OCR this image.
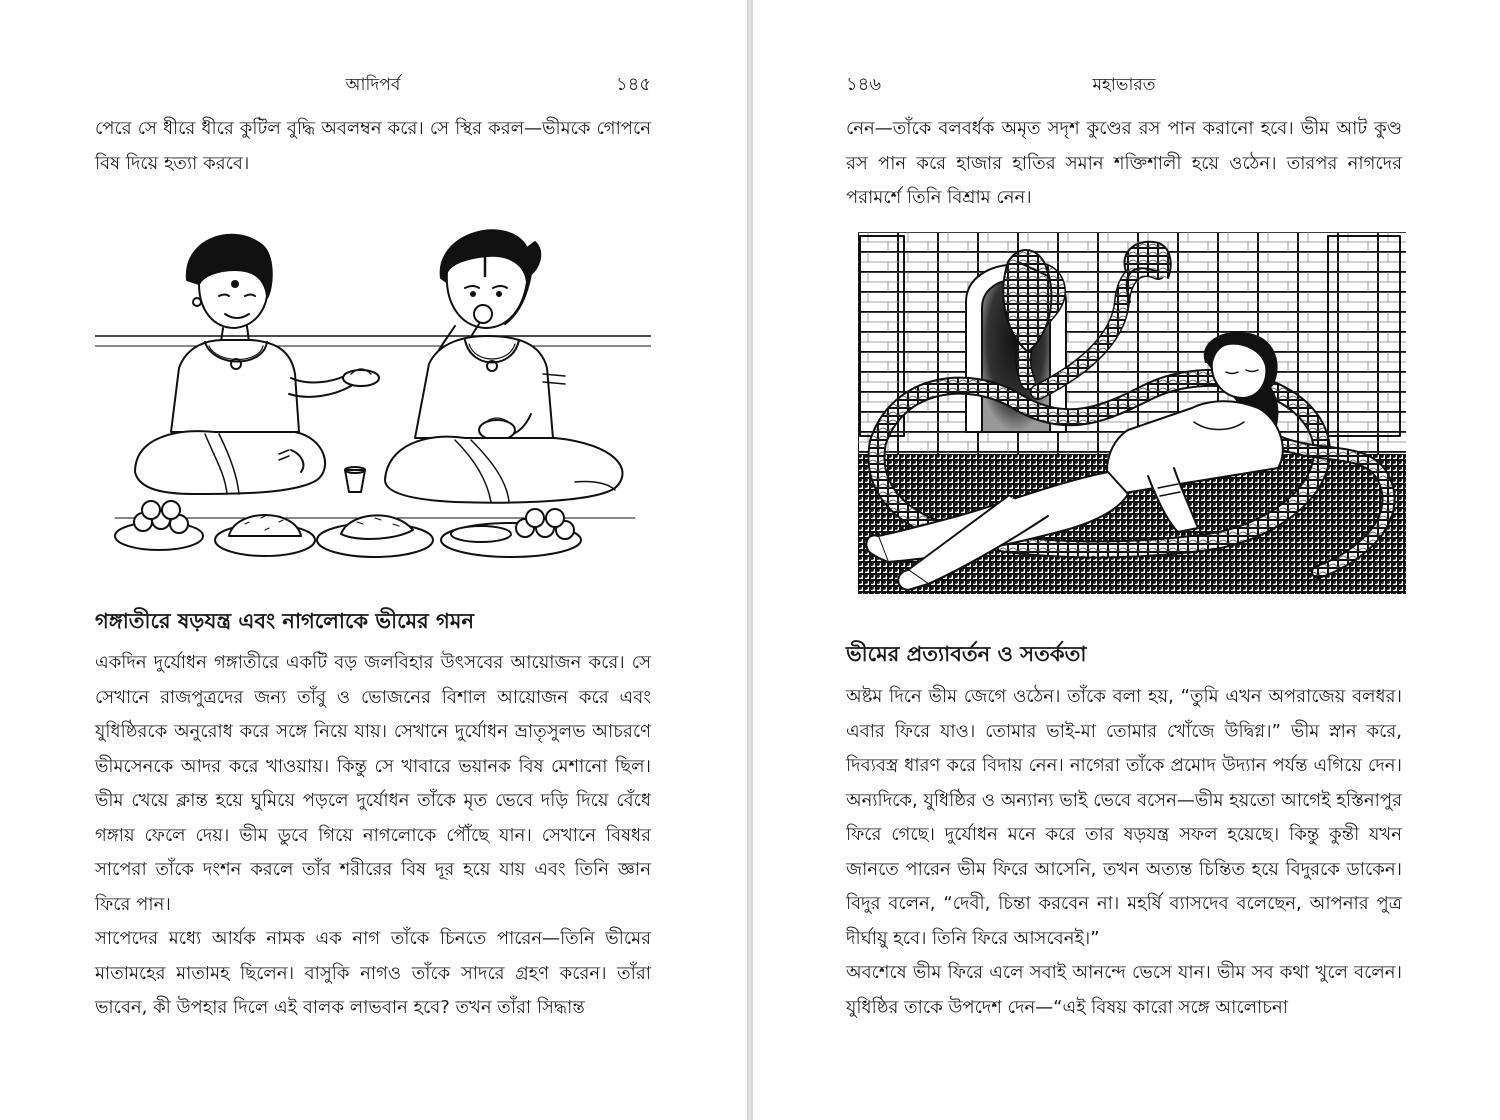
আদিপর্ব	১৪৫

পেরে সে ধীরে ধীরে কুটিল বুদ্ধি অবলম্বন করে। সে স্থির করল—ভীমকে গোপনে বিষ দিয়ে হত্যা করবে।

গঙ্গাতীরে ষড়যন্ত্র এবং নাগলোকে ভীমের গমন

একদিন দুর্যোধন গঙ্গাতীরে একটি বড় জলবিহার উৎসবের আয়োজন করে। সে সেখানে রাজপুত্রদের জন্য তাঁবু ও ভোজনের বিশাল আয়োজন করে এবং যুধিষ্ঠিরকে অনুরোধ করে সঙ্গে নিয়ে যায়। সেখানে দুর্যোধন ভ্রাতৃসুলভ আচরণে ভীমসেনকে আদর করে খাওয়ায়। কিন্তু সে খাবারে ভয়ানক বিষ মেশানো ছিল। ভীম খেয়ে ক্লান্ত হয়ে ঘুমিয়ে পড়লে দুর্যোধন তাঁকে মৃত ভেবে দড়ি দিয়ে বেঁধে গঙ্গায় ফেলে দেয়। ভীম ডুবে গিয়ে নাগলোকে পৌঁছে যান। সেখানে বিষধর সাপেরা তাঁকে দংশন করলে তাঁর শরীরের বিষ দূর হয়ে যায় এবং তিনি জ্ঞান ফিরে পান।

সাপেদের মধ্যে আর্যক নামক এক নাগ তাঁকে চিনতে পারেন—তিনি ভীমের মাতামহের মাতামহ ছিলেন। বাসুকি নাগও তাঁকে সাদরে গ্রহণ করেন। তাঁরা ভাবেন, কী উপহার দিলে এই বালক লাভবান হবে? তখন তাঁরা সিদ্ধান্ত

১৪৬	মহাভারত

নেন—তাঁকে বলবর্ধক অমৃত সদৃশ কুণ্ডের রস পান করানো হবে। ভীম আট কুণ্ড রস পান করে হাজার হাতির সমান শক্তিশালী হয়ে ওঠেন। তারপর নাগদের পরামর্শে তিনি বিশ্রাম নেন।

ভীমের প্রত্যাবর্তন ও সতর্কতা

অষ্টম দিনে ভীম জেগে ওঠেন। তাঁকে বলা হয়, “তুমি এখন অপরাজেয় বলধর। এবার ফিরে যাও। তোমার ভাই-মা তোমার খোঁজে উদ্বিগ্ন।” ভীম স্নান করে, দিব্যবস্ত্র ধারণ করে বিদায় নেন। নাগেরা তাঁকে প্রমোদ উদ্যান পর্যন্ত এগিয়ে দেন। অন্যদিকে, যুধিষ্ঠির ও অন্যান্য ভাই ভেবে বসেন—ভীম হয়তো আগেই হস্তিনাপুর ফিরে গেছে। দুর্যোধন মনে করে তার ষড়যন্ত্র সফল হয়েছে। কিন্তু কুন্তী যখন জানতে পারেন ভীম ফিরে আসেনি, তখন অত্যন্ত চিন্তিত হয়ে বিদুরকে ডাকেন। বিদুর বলেন, “দেবী, চিন্তা করবেন না। মহর্ষি ব্যাসদেব বলেছেন, আপনার পুত্র দীর্ঘায়ু হবে। তিনি ফিরে আসবেনই।”

অবশেষে ভীম ফিরে এলে সবাই আনন্দে ভেসে যান। ভীম সব কথা খুলে বলেন। যুধিষ্ঠির তাকে উপদেশ দেন—“এই বিষয় কারো সঙ্গে আলোচনা
